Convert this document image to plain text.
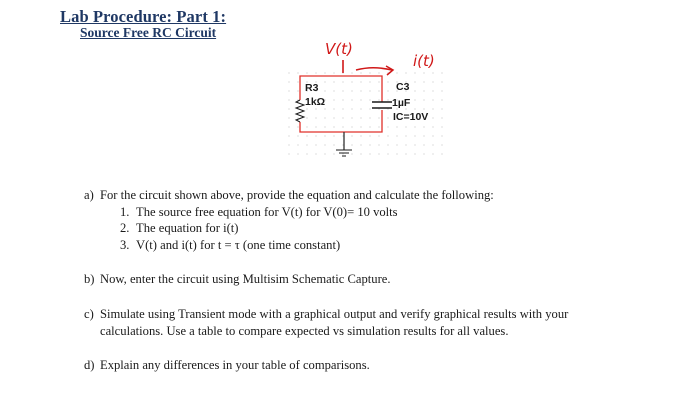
Lab Procedure: Part 1:
Source Free RC Circuit
R3
1kΩ
C3
1µF
IC=10V
V(t)
i(t)
a) For the circuit shown above, provide the equation and calculate the following:
1. The source free equation for V(t) for V(0)= 10 volts
2. The equation for i(t)
3. V(t) and i(t) for t = τ (one time constant)
b) Now, enter the circuit using Multisim Schematic Capture.
c) Simulate using Transient mode with a graphical output and verify graphical results with your
calculations. Use a table to compare expected vs simulation results for all values.
d) Explain any differences in your table of comparisons.
